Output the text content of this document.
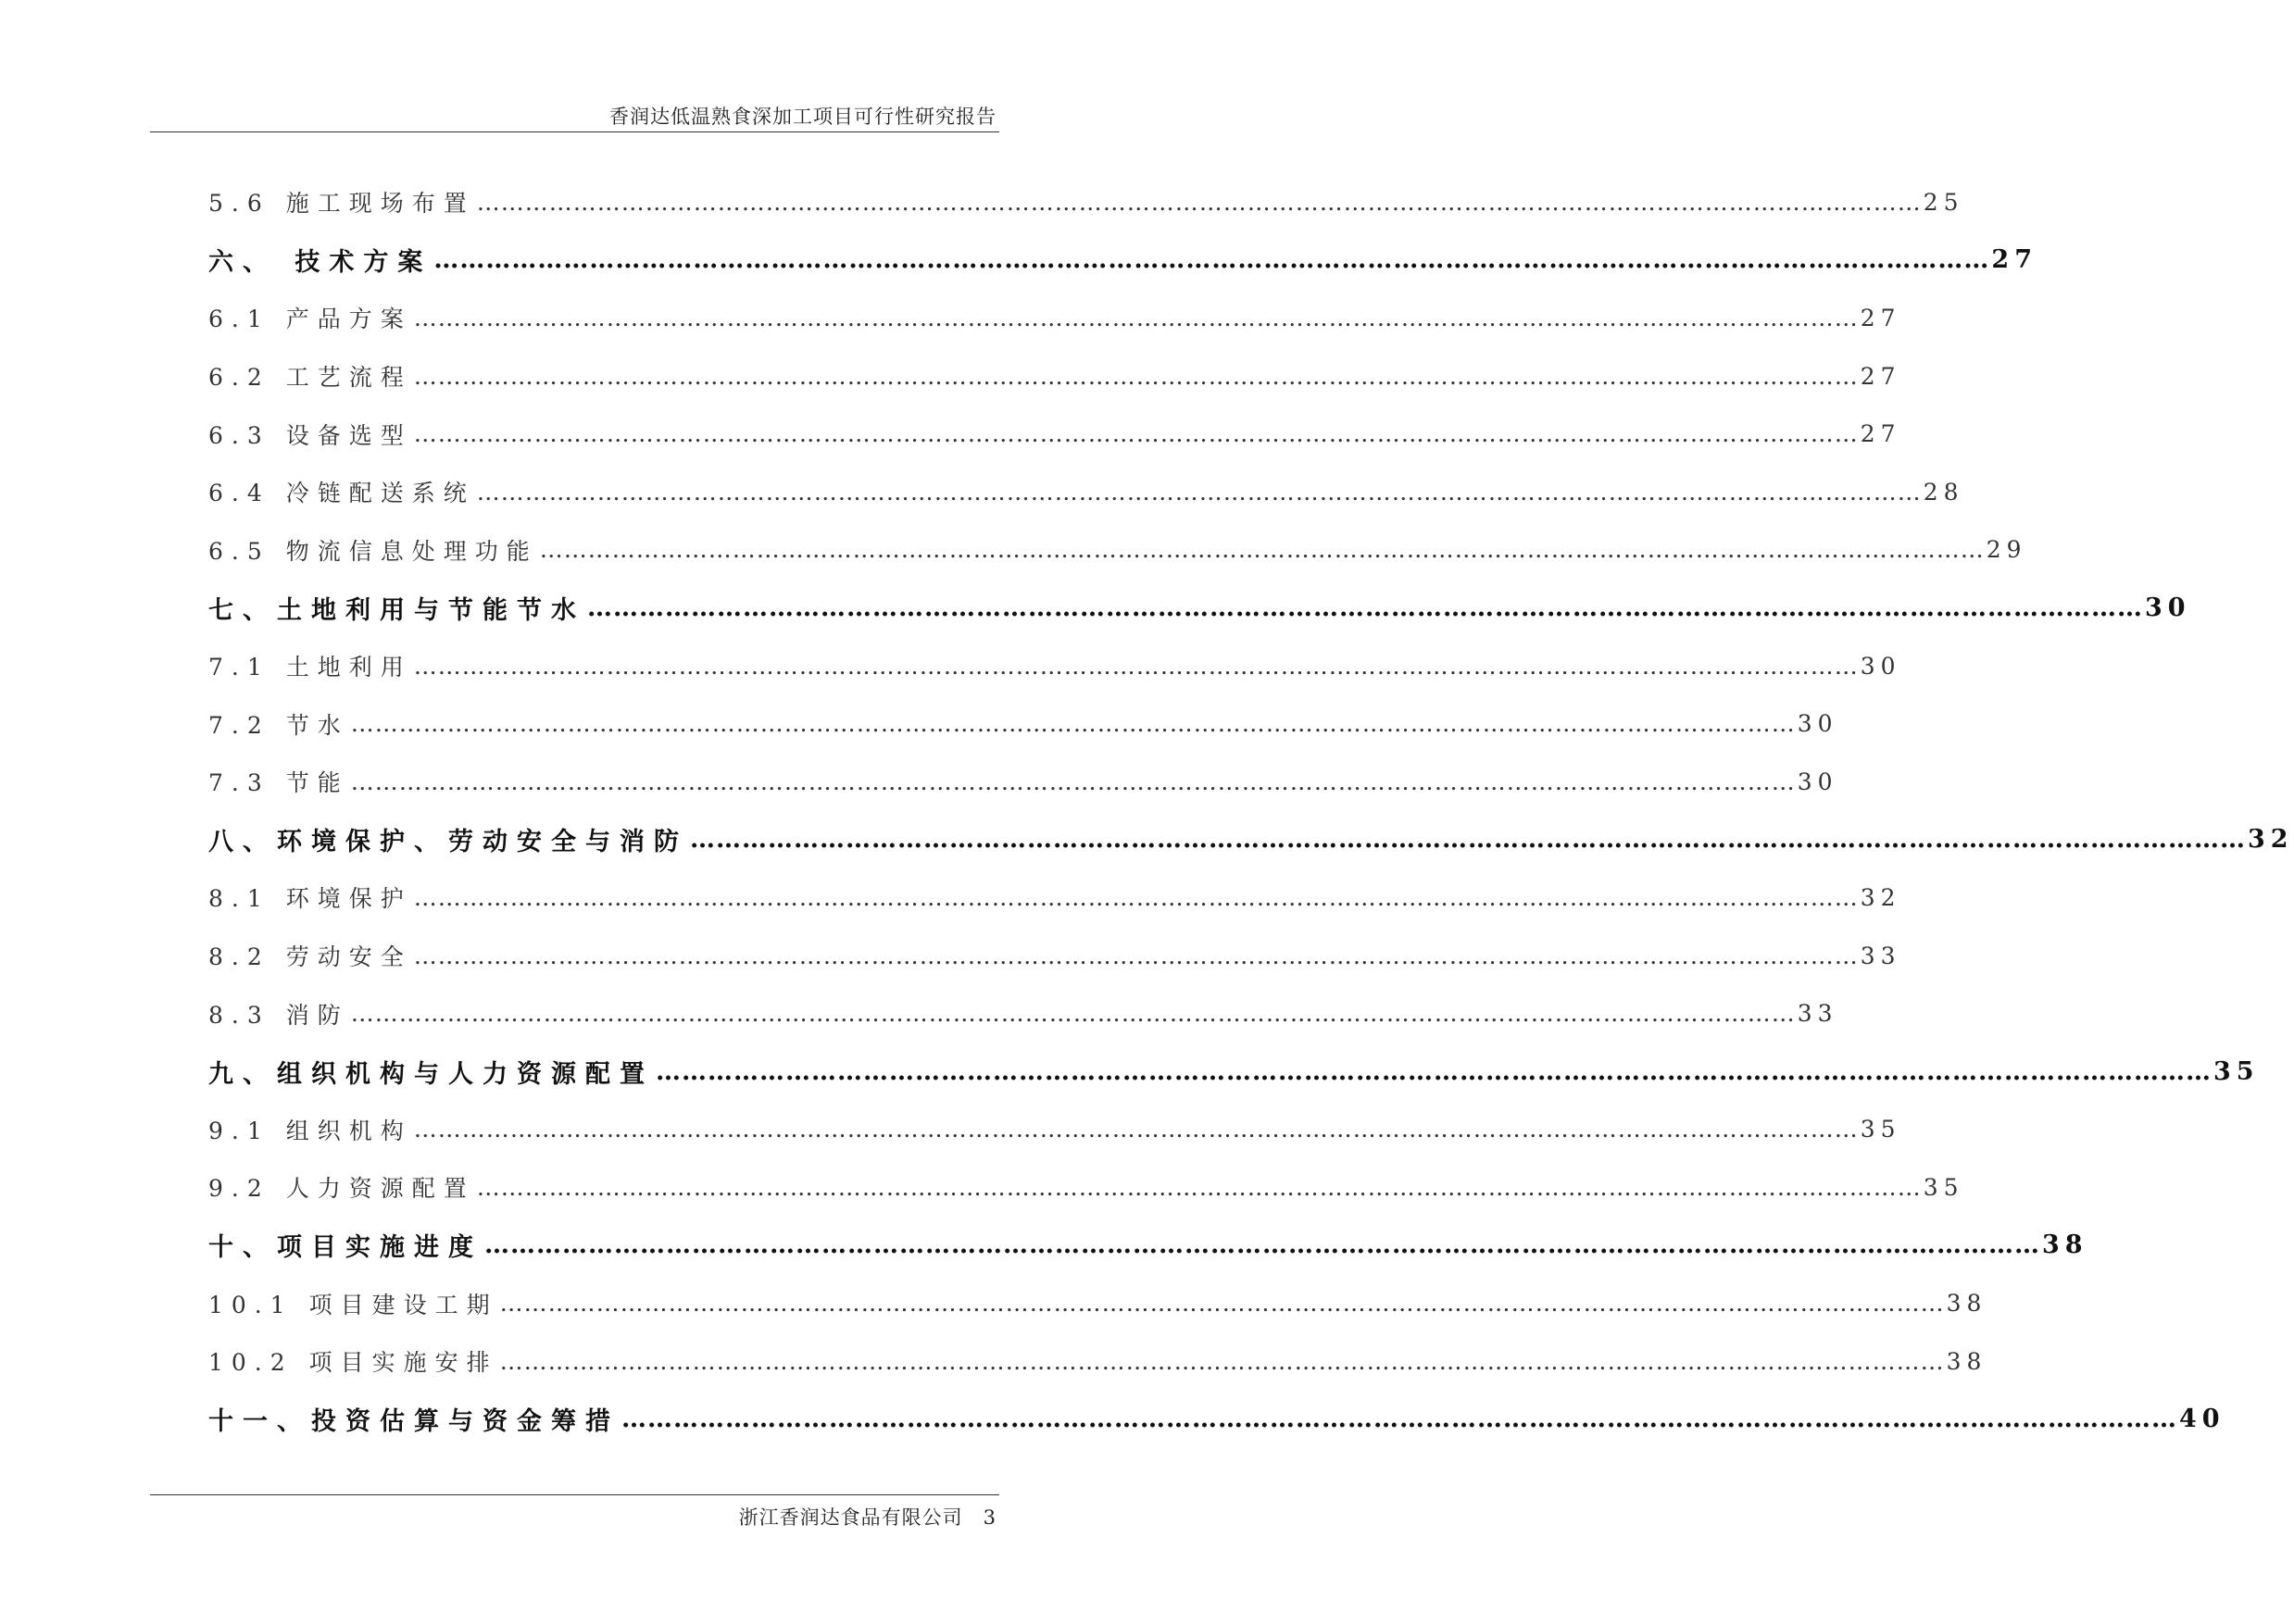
香润达低温熟食深加工项目可行性研究报告
5.6 施工现场布置 ……………………………………………………………………………………………………………………………………………………………… 25
六、 技术方案 ……………………………………………………………………………………………………………………………………………………………… 27
6.1 产品方案 ……………………………………………………………………………………………………………………………………………………………… 27
6.2 工艺流程 ……………………………………………………………………………………………………………………………………………………………… 27
6.3 设备选型 ……………………………………………………………………………………………………………………………………………………………… 27
6.4 冷链配送系统 ……………………………………………………………………………………………………………………………………………………………… 28
6.5 物流信息处理功能 ……………………………………………………………………………………………………………………………………………………………… 29
七、土地利用与节能节水 ……………………………………………………………………………………………………………………………………………………………… 30
7.1 土地利用 ……………………………………………………………………………………………………………………………………………………………… 30
7.2 节水 ……………………………………………………………………………………………………………………………………………………………… 30
7.3 节能 ……………………………………………………………………………………………………………………………………………………………… 30
八、环境保护、劳动安全与消防 ……………………………………………………………………………………………………………………………………………………………… 32
8.1 环境保护 ……………………………………………………………………………………………………………………………………………………………… 32
8.2 劳动安全 ……………………………………………………………………………………………………………………………………………………………… 33
8.3 消防 ……………………………………………………………………………………………………………………………………………………………… 33
九、组织机构与人力资源配置 ……………………………………………………………………………………………………………………………………………………………… 35
9.1 组织机构 ……………………………………………………………………………………………………………………………………………………………… 35
9.2 人力资源配置 ……………………………………………………………………………………………………………………………………………………………… 35
十、项目实施进度 ……………………………………………………………………………………………………………………………………………………………… 38
10.1 项目建设工期 ……………………………………………………………………………………………………………………………………………………………… 38
10.2 项目实施安排 ……………………………………………………………………………………………………………………………………………………………… 38
十一、投资估算与资金筹措 ……………………………………………………………………………………………………………………………………………………………… 40
浙江香润达食品有限公司 3
